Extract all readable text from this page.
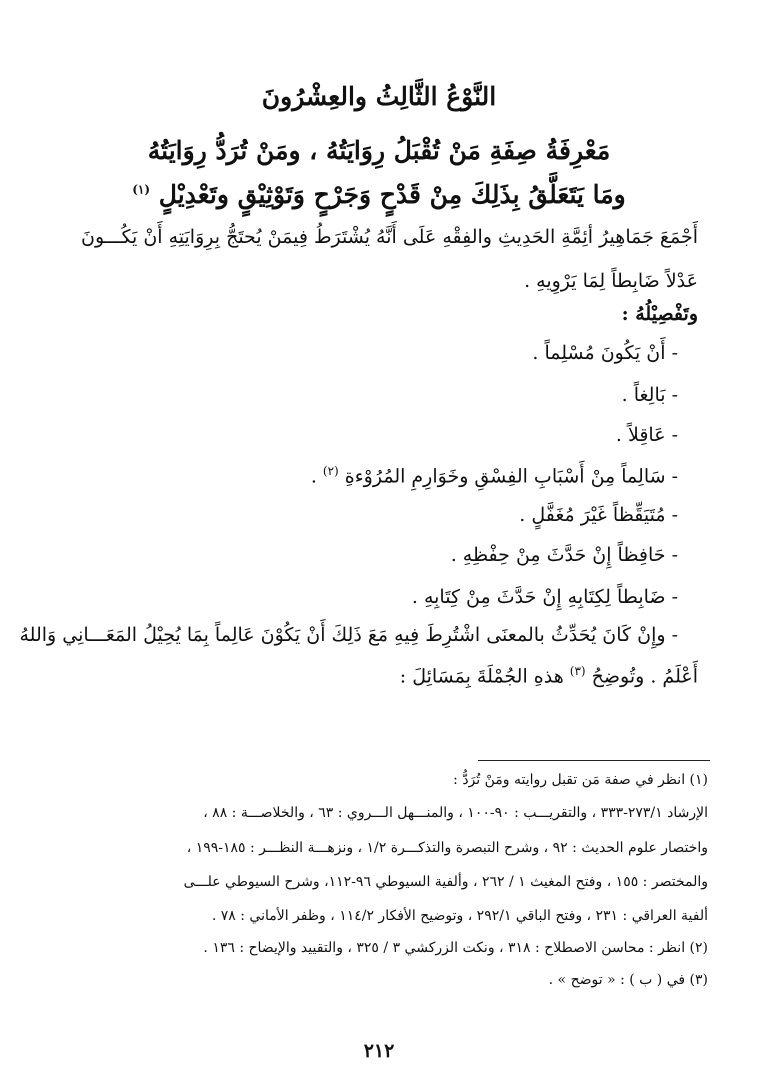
النَّوْعُ الثَّالِثُ والعِشْرُونَ
مَعْرِفَةُ صِفَةِ مَنْ تُقْبَلُ رِوَايَتُهُ ، ومَنْ تُرَدُّ رِوَايَتُهُ
ومَا يَتَعَلَّقُ بِذَلِكَ مِنْ قَدْحٍ وَجَرْحٍ وَتَوْثِيْقٍ وتَعْدِيْلٍ $^{(١)}$
أَجْمَعَ جَمَاهِيرُ أئِمَّةِ الحَدِيثِ والفِقْهِ عَلَى أَنَّهُ يُشْتَرَطُ فِيمَنْ يُحتَجُّ بِرِوَايَتِهِ أَنْ يَكُـــونَ
عَدْلاً ضَابِطاً لِمَا يَرْوِيهِ .
وتَفْصِيْلُهُ :
- أَنْ يَكُونَ مُسْلِماً .
- بَالِغاً .
- عَاقِلاً .
- سَالِماً مِنْ أَسْبَابِ الفِسْقِ وخَوَارِمِ المُرُوْءةِ $^{(٢)}$ .
- مُتَيَقِّظاً غَيْرَ مُغَفَّلٍ .
- حَافِظاً إِنْ حَدَّثَ مِنْ حِفْظِهِ .
- ضَابِطاً لِكِتَابِهِ إِنْ حَدَّثَ مِنْ كِتَابِهِ .
- وإِنْ كَانَ يُحَدِّثُ بالمعنَى اشْتُرِطَ فِيهِ مَعَ ذَلِكَ أَنْ يَكُوْنَ عَالِماً بِمَا يُحِيْلُ المَعَـــانِي وَاللهُ
أَعْلَمُ . وتُوضِحُ $^{(٣)}$ هذهِ الجُمْلَةَ بِمَسَائِلَ :
(١) انظر في صفة مَن تقبل روايته ومَنْ تُرَدُّ :
الإرشاد ٢٧٣/١-٣٣٣ ، والتقريـــب : ٩٠-١٠٠ ، والمنـــهل الـــروي : ٦٣ ، والخلاصـــة : ٨٨ ،
واختصار علوم الحديث : ٩٢ ، وشرح التبصرة والتذكـــرة ١/٢ ، ونزهـــة النظـــر : ١٨٥-١٩٩ ،
والمختصر : ١٥٥ ، وفتح المغيث ١ / ٢٦٢ ، وألفية السيوطي ٩٦-١١٢، وشرح السيوطي علـــى
ألفية العراقي : ٢٣١ ، وفتح الباقي ٢٩٢/١ ، وتوضيح الأفكار ١١٤/٢ ، وظفر الأماني : ٧٨ .
(٢) انظر : محاسن الاصطلاح : ٣١٨ ، ونكت الزركشي ٣ / ٣٢٥ ، والتقييد والإيضاح : ١٣٦ .
(٣) في ( ب ) : « توضح » .
٢١٢
